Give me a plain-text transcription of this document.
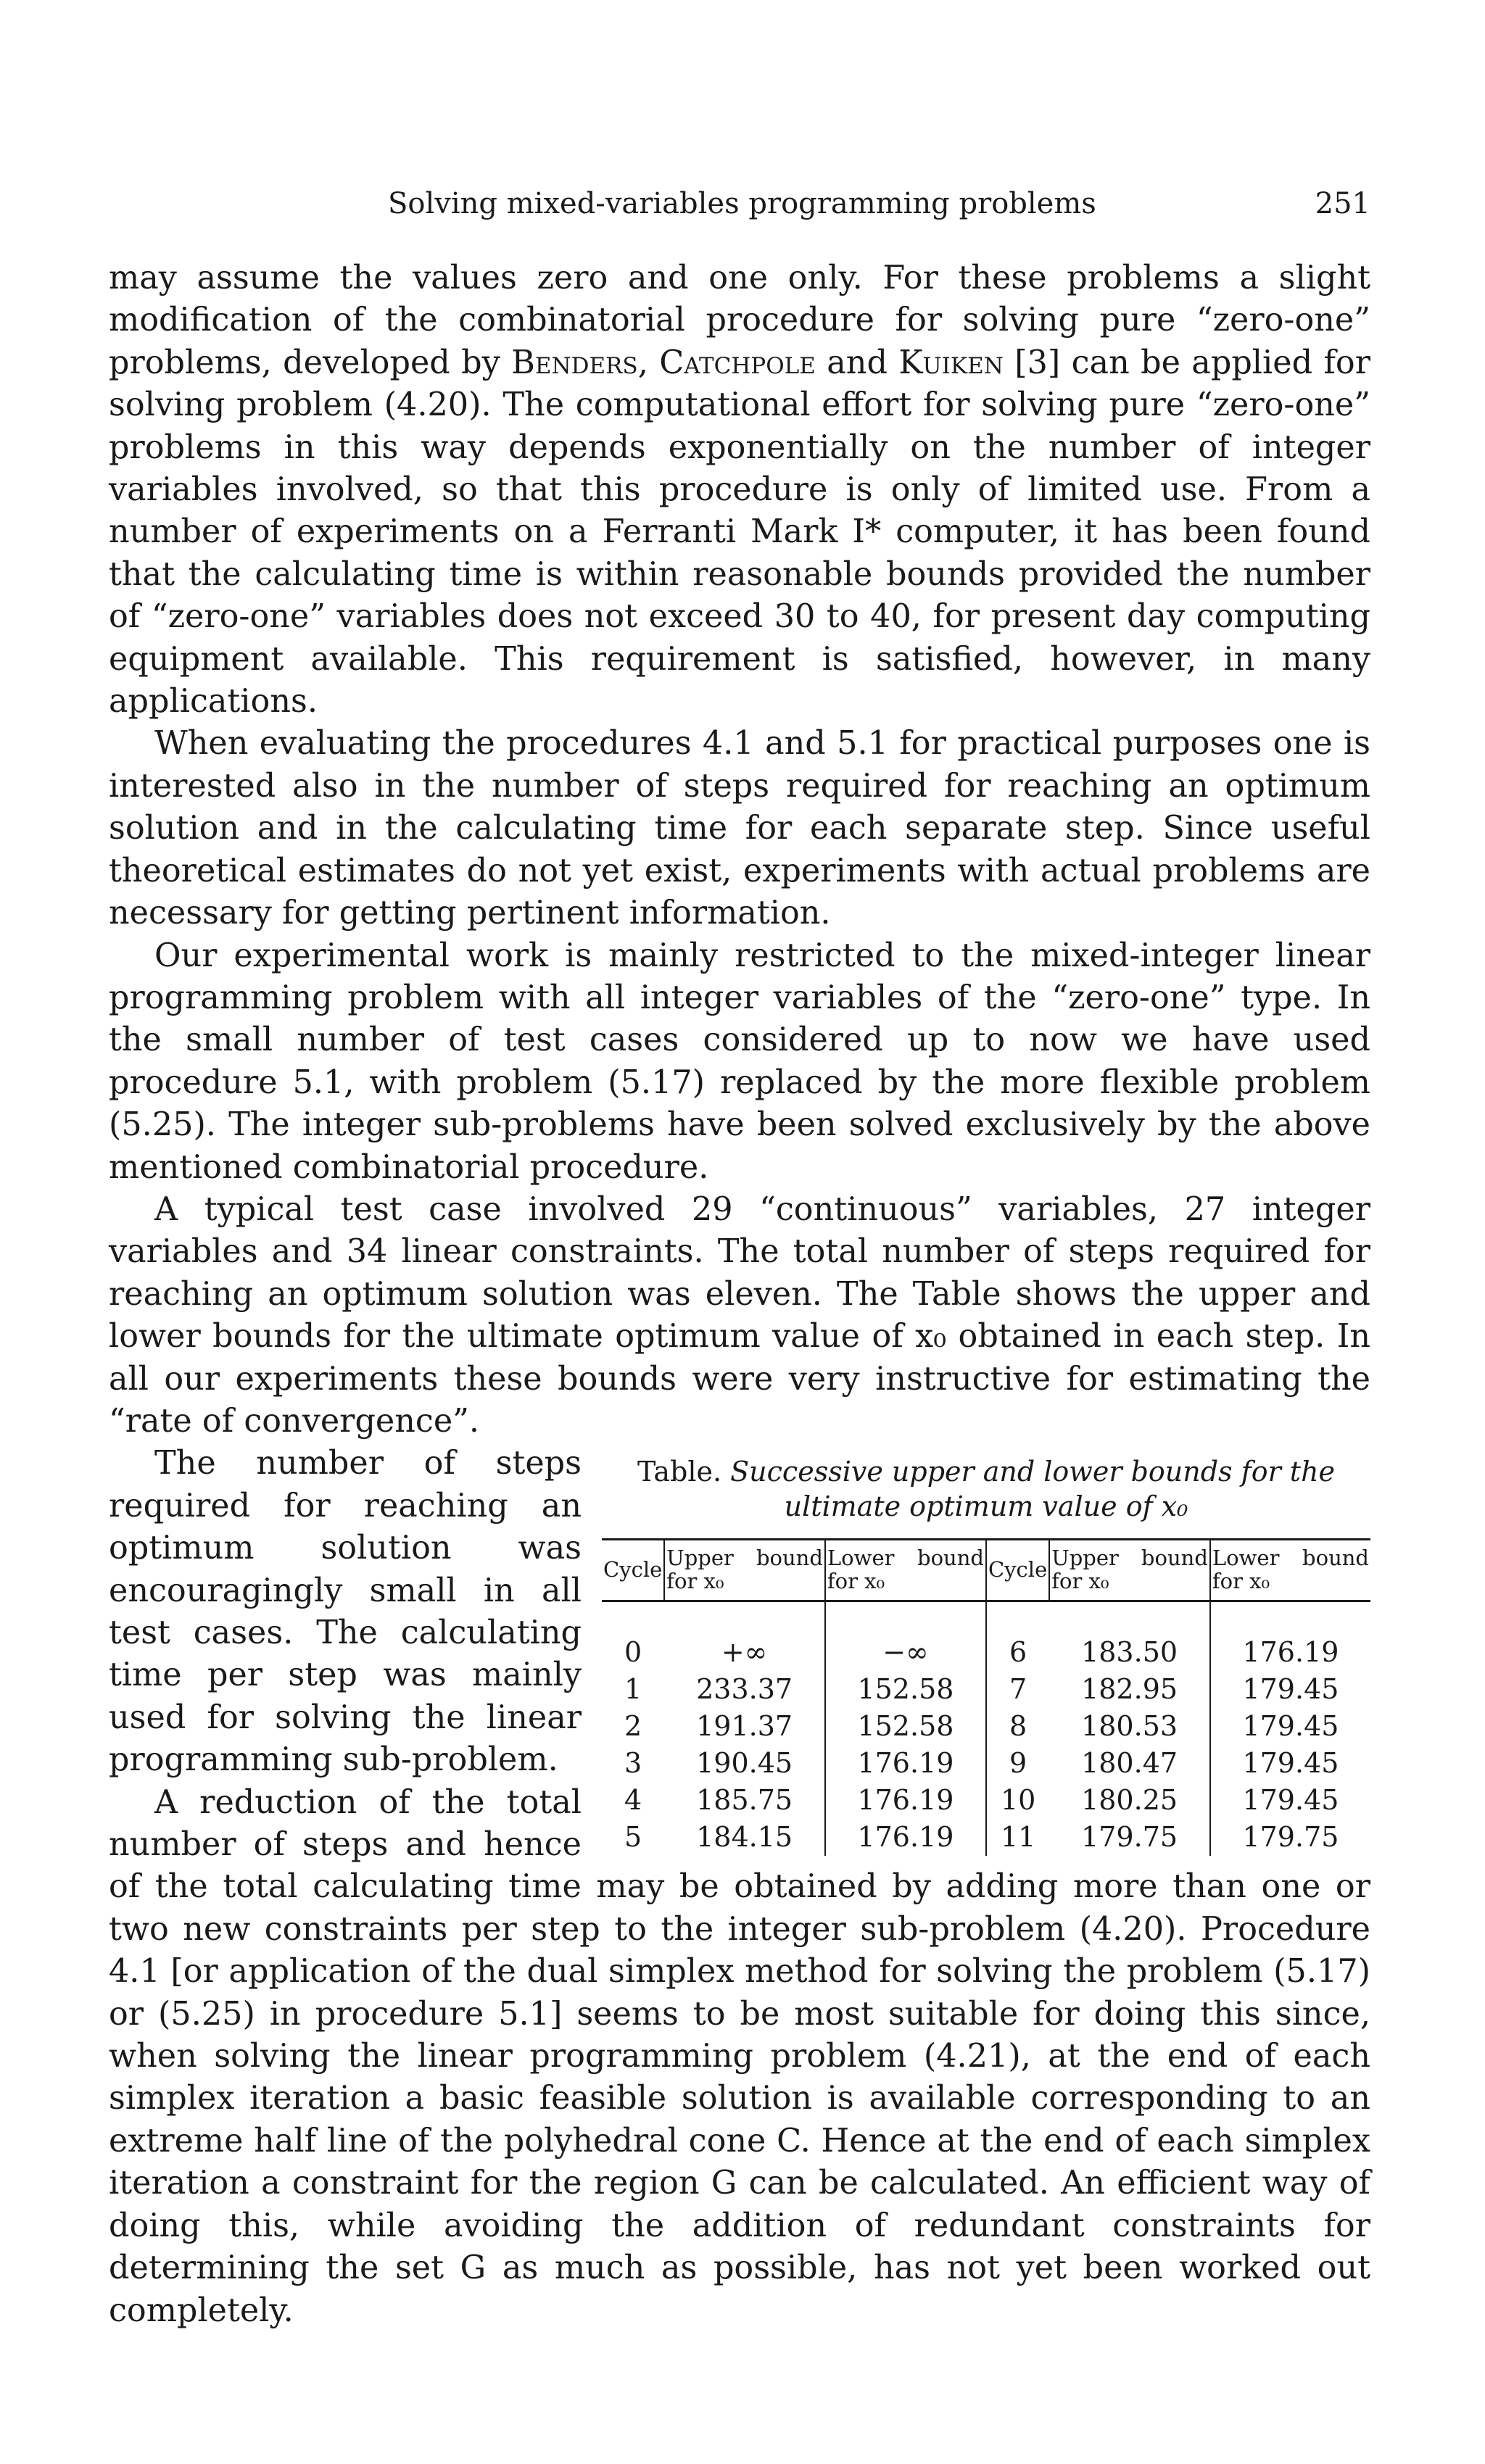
Solving mixed-variables programming problems	251

may assume the values zero and one only. For these problems a slight modification of the combinatorial procedure for solving pure “zero-one” problems, developed by Benders, Catchpole and Kuiken [3] can be applied for solving problem (4.20). The computational effort for solving pure “zero-one” problems in this way depends exponentially on the number of integer variables involved, so that this procedure is only of limited use. From a number of experiments on a Ferranti Mark I* computer, it has been found that the calculating time is within reasonable bounds provided the number of “zero-one” variables does not exceed 30 to 40, for present day computing equipment available. This requirement is satisfied, however, in many applications.

When evaluating the procedures 4.1 and 5.1 for practical purposes one is interested also in the number of steps required for reaching an optimum solution and in the calculating time for each separate step. Since useful theoretical estimates do not yet exist, experiments with actual problems are necessary for getting pertinent information.

Our experimental work is mainly restricted to the mixed-integer linear programming problem with all integer variables of the “zero-one” type. In the small number of test cases considered up to now we have used procedure 5.1, with problem (5.17) replaced by the more flexible problem (5.25). The integer sub-problems have been solved exclusively by the above mentioned combinatorial procedure.

A typical test case involved 29 “continuous” variables, 27 integer variables and 34 linear constraints. The total number of steps required for reaching an optimum solution was eleven. The Table shows the upper and lower bounds for the ultimate optimum value of x₀ obtained in each step. In all our experiments these bounds were very instructive for estimating the “rate of convergence”.

Table. Successive upper and lower bounds for the ultimate optimum value of x₀
Cycle	Upper bound for x₀	Lower bound for x₀	Cycle	Upper bound for x₀	Lower bound for x₀
0	+∞	−∞	6	183.50	176.19
1	233.37	152.58	7	182.95	179.45
2	191.37	152.58	8	180.53	179.45
3	190.45	176.19	9	180.47	179.45
4	185.75	176.19	10	180.25	179.45
5	184.15	176.19	11	179.75	179.75

The number of steps required for reaching an optimum solution was encouragingly small in all test cases. The calculating time per step was mainly used for solving the linear programming sub-problem.

A reduction of the total number of steps and hence of the total calculating time may be obtained by adding more than one or two new constraints per step to the integer sub-problem (4.20). Procedure 4.1 [or application of the dual simplex method for solving the problem (5.17) or (5.25) in procedure 5.1] seems to be most suitable for doing this since, when solving the linear programming problem (4.21), at the end of each simplex iteration a basic feasible solution is available corresponding to an extreme half line of the polyhedral cone C. Hence at the end of each simplex iteration a constraint for the region G can be calculated. An efficient way of doing this, while avoiding the addition of redundant constraints for determining the set G as much as possible, has not yet been worked out completely.
